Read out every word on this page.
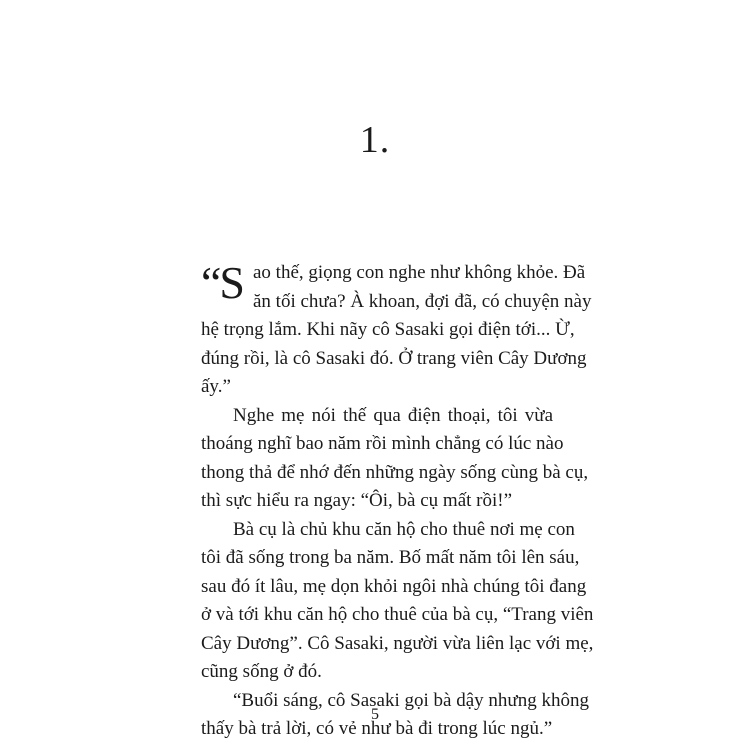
1.
“S ao thế, giọng con nghe như không khỏe. Đã
ăn tối chưa? À khoan, đợi đã, có chuyện này
hệ trọng lắm. Khi nãy cô Sasaki gọi điện tới... Ừ,
đúng rồi, là cô Sasaki đó. Ở trang viên Cây Dương
ấy.”
Nghe mẹ nói thế qua điện thoại, tôi vừa
thoáng nghĩ bao năm rồi mình chẳng có lúc nào
thong thả để nhớ đến những ngày sống cùng bà cụ,
thì sực hiểu ra ngay: “Ôi, bà cụ mất rồi!”
Bà cụ là chủ khu căn hộ cho thuê nơi mẹ con
tôi đã sống trong ba năm. Bố mất năm tôi lên sáu,
sau đó ít lâu, mẹ dọn khỏi ngôi nhà chúng tôi đang
ở và tới khu căn hộ cho thuê của bà cụ, “Trang viên
Cây Dương”. Cô Sasaki, người vừa liên lạc với mẹ,
cũng sống ở đó.
“Buổi sáng, cô Sasaki gọi bà dậy nhưng không
thấy bà trả lời, có vẻ như bà đi trong lúc ngủ.”
5
